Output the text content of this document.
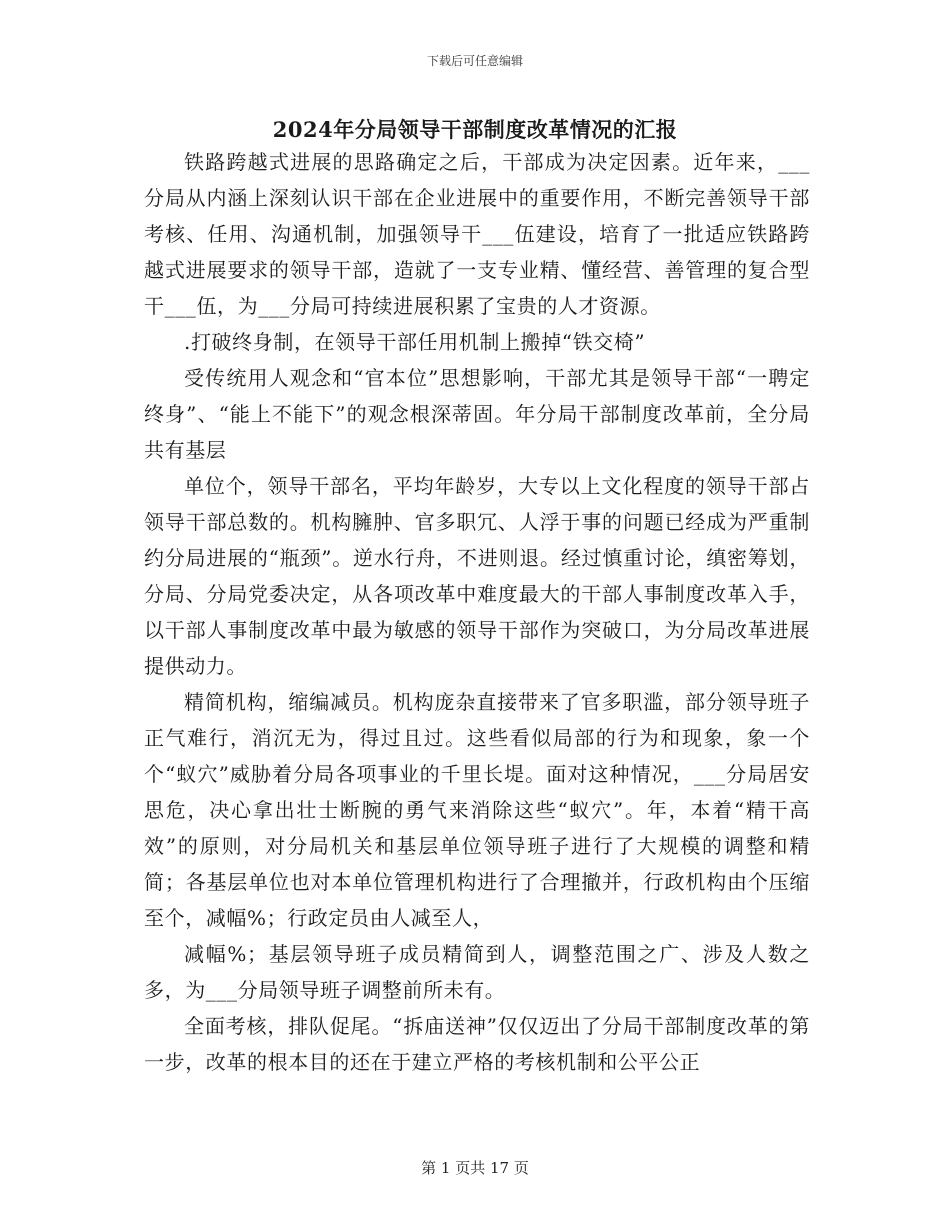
下载后可任意编辑
2024年分局领导干部制度改革情况的汇报

铁路跨越式进展的思路确定之后，干部成为决定因素。近年来，___分局从内涵上深刻认识干部在企业进展中的重要作用，不断完善领导干部考核、任用、沟通机制，加强领导干___伍建设，培育了一批适应铁路跨越式进展要求的领导干部，造就了一支专业精、懂经营、善管理的复合型干___伍，为___分局可持续进展积累了宝贵的人才资源。

.打破终身制，在领导干部任用机制上搬掉“铁交椅”

受传统用人观念和“官本位”思想影响，干部尤其是领导干部“一聘定终身”、“能上不能下”的观念根深蒂固。年分局干部制度改革前，全分局共有基层

单位个，领导干部名，平均年龄岁，大专以上文化程度的领导干部占领导干部总数的。机构臃肿、官多职冗、人浮于事的问题已经成为严重制约分局进展的“瓶颈”。逆水行舟，不进则退。经过慎重讨论，缜密筹划，分局、分局党委决定，从各项改革中难度最大的干部人事制度改革入手，以干部人事制度改革中最为敏感的领导干部作为突破口，为分局改革进展提供动力。

精简机构，缩编减员。机构庞杂直接带来了官多职滥，部分领导班子正气难行，消沉无为，得过且过。这些看似局部的行为和现象，象一个个“蚁穴”威胁着分局各项事业的千里长堤。面对这种情况，___分局居安思危，决心拿出壮士断腕的勇气来消除这些“蚁穴”。年，本着“精干高效”的原则，对分局机关和基层单位领导班子进行了大规模的调整和精简；各基层单位也对本单位管理机构进行了合理撤并，行政机构由个压缩至个，减幅%；行政定员由人减至人，

减幅%；基层领导班子成员精简到人，调整范围之广、涉及人数之多，为___分局领导班子调整前所未有。

全面考核，排队促尾。“拆庙送神”仅仅迈出了分局干部制度改革的第一步，改革的根本目的还在于建立严格的考核机制和公平公正

第 1 页共 17 页
